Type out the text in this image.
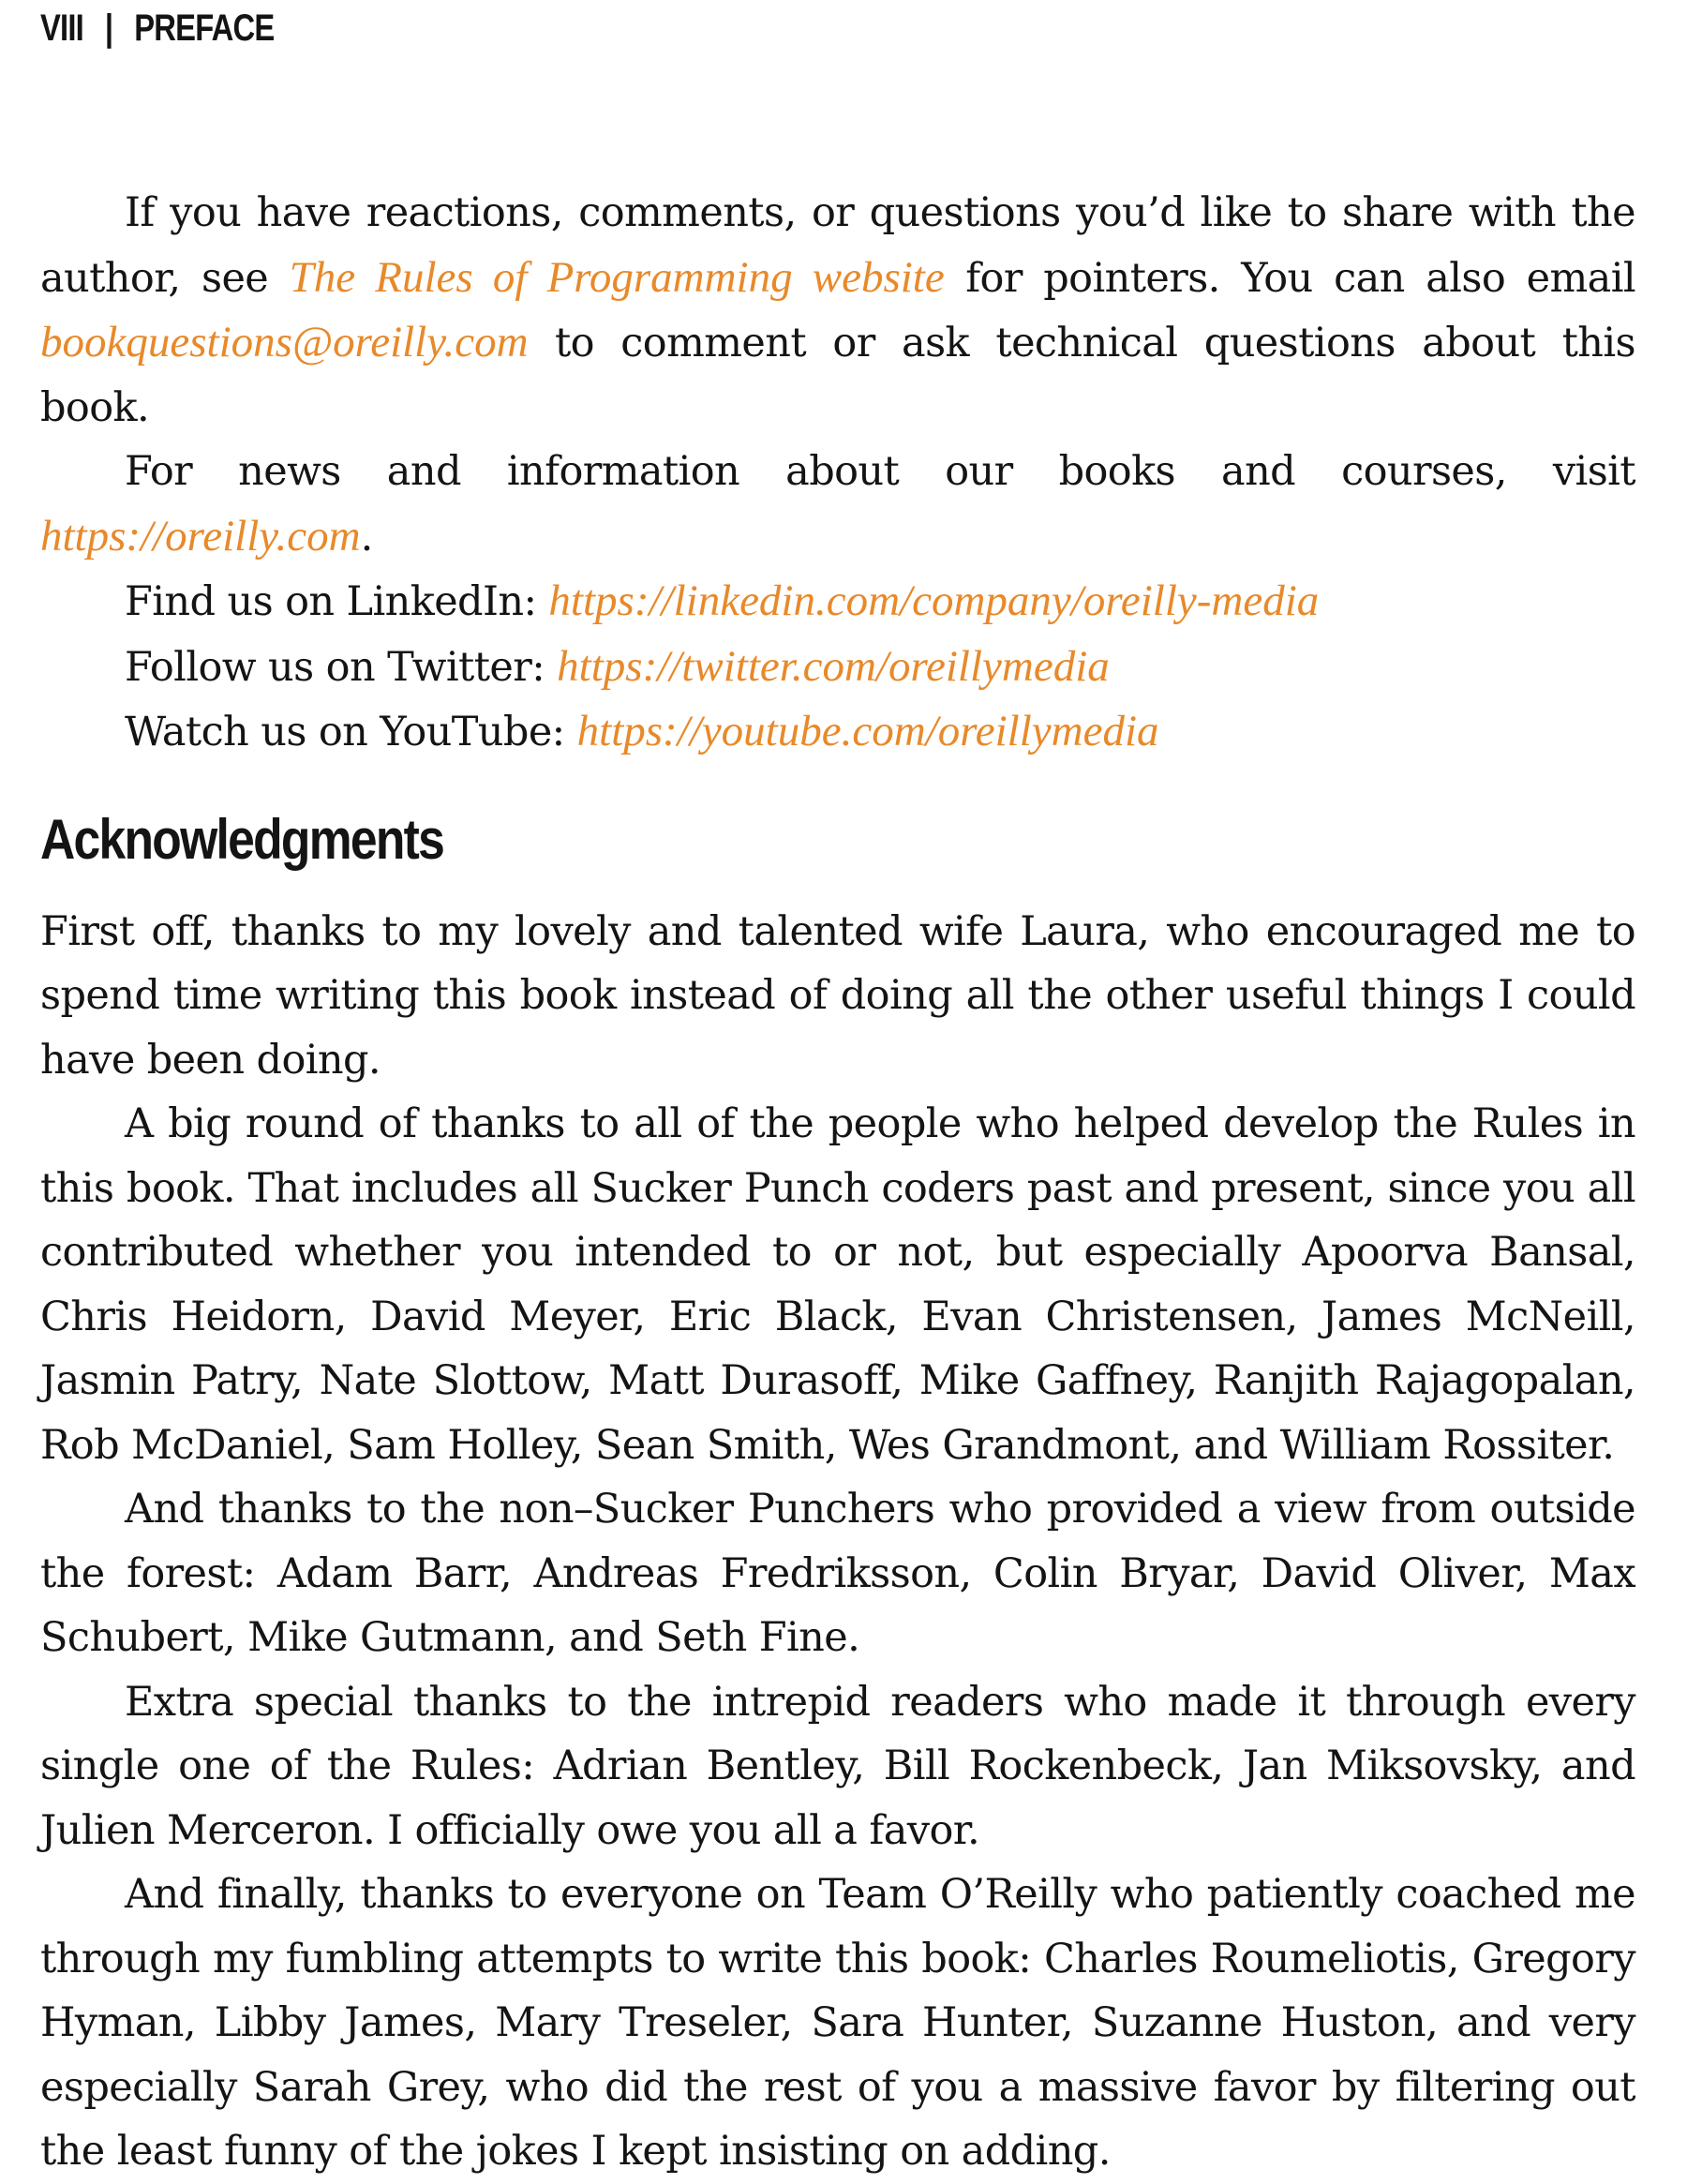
VIII | PREFACE

If you have reactions, comments, or questions you’d like to share with the author, see The Rules of Programming website for pointers. You can also email bookquestions@oreilly.com to comment or ask technical questions about this book.

For news and information about our books and courses, visit https://oreilly.com.

Find us on LinkedIn: https://linkedin.com/company/oreilly-media

Follow us on Twitter: https://twitter.com/oreillymedia

Watch us on YouTube: https://youtube.com/oreillymedia

Acknowledgments

First off, thanks to my lovely and talented wife Laura, who encouraged me to spend time writing this book instead of doing all the other useful things I could have been doing.

A big round of thanks to all of the people who helped develop the Rules in this book. That includes all Sucker Punch coders past and present, since you all contributed whether you intended to or not, but especially Apoorva Bansal, Chris Heidorn, David Meyer, Eric Black, Evan Christensen, James McNeill, Jasmin Patry, Nate Slottow, Matt Durasoff, Mike Gaffney, Ranjith Rajagopalan, Rob McDaniel, Sam Holley, Sean Smith, Wes Grandmont, and William Rossiter.

And thanks to the non–Sucker Punchers who provided a view from outside the forest: Adam Barr, Andreas Fredriksson, Colin Bryar, David Oliver, Max Schubert, Mike Gutmann, and Seth Fine.

Extra special thanks to the intrepid readers who made it through every single one of the Rules: Adrian Bentley, Bill Rockenbeck, Jan Miksovsky, and Julien Merceron. I officially owe you all a favor.

And finally, thanks to everyone on Team O’Reilly who patiently coached me through my fumbling attempts to write this book: Charles Roumeliotis, Gregory Hyman, Libby James, Mary Treseler, Sara Hunter, Suzanne Huston, and very especially Sarah Grey, who did the rest of you a massive favor by filtering out the least funny of the jokes I kept insisting on adding.
